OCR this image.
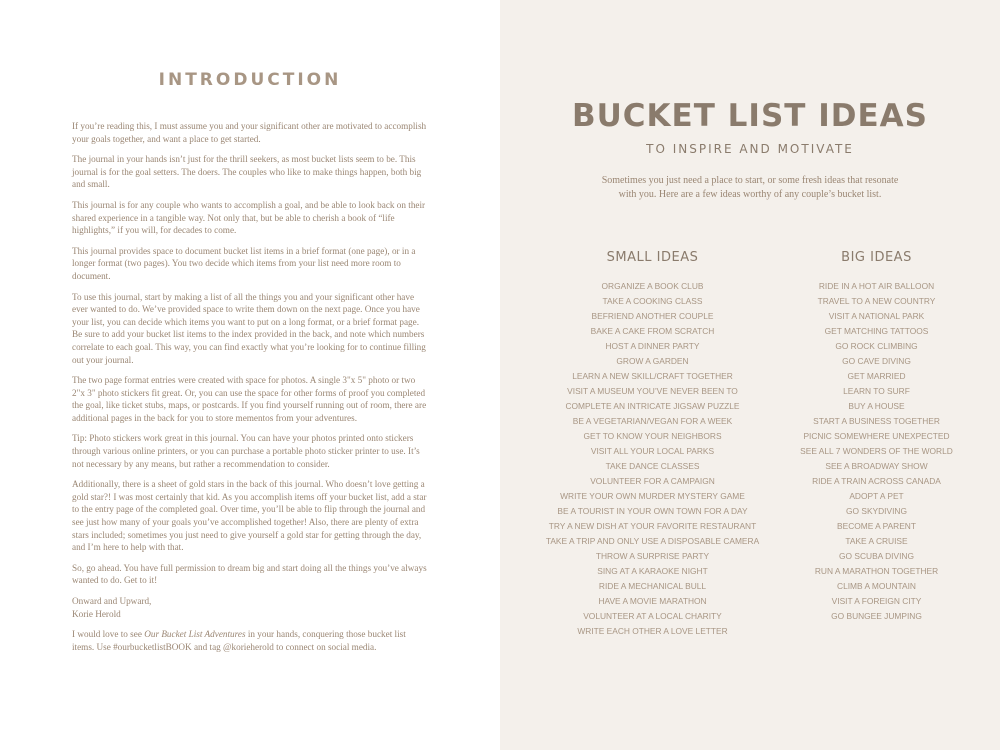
INTRODUCTION

If you’re reading this, I must assume you and your significant other are motivated to accomplish your goals together, and want a place to get started.

The journal in your hands isn’t just for the thrill seekers, as most bucket lists seem to be. This journal is for the goal setters. The doers. The couples who like to make things happen, both big and small.

This journal is for any couple who wants to accomplish a goal, and be able to look back on their shared experience in a tangible way. Not only that, but be able to cherish a book of “life highlights,” if you will, for decades to come.

This journal provides space to document bucket list items in a brief format (one page), or in a longer format (two pages). You two decide which items from your list need more room to document.

To use this journal, start by making a list of all the things you and your significant other have ever wanted to do. We’ve provided space to write them down on the next page. Once you have your list, you can decide which items you want to put on a long format, or a brief format page. Be sure to add your bucket list items to the index provided in the back, and note which numbers correlate to each goal. This way, you can find exactly what you’re looking for to continue filling out your journal.

The two page format entries were created with space for photos. A single 3"x 5" photo or two 2"x 3" photo stickers fit great. Or, you can use the space for other forms of proof you completed the goal, like ticket stubs, maps, or postcards. If you find yourself running out of room, there are additional pages in the back for you to store mementos from your adventures.

Tip: Photo stickers work great in this journal. You can have your photos printed onto stickers through various online printers, or you can purchase a portable photo sticker printer to use. It’s not necessary by any means, but rather a recommendation to consider.

Additionally, there is a sheet of gold stars in the back of this journal. Who doesn’t love getting a gold star?! I was most certainly that kid. As you accomplish items off your bucket list, add a star to the entry page of the completed goal. Over time, you’ll be able to flip through the journal and see just how many of your goals you’ve accomplished together! Also, there are plenty of extra stars included; sometimes you just need to give yourself a gold star for getting through the day, and I’m here to help with that.

So, go ahead. You have full permission to dream big and start doing all the things you’ve always wanted to do. Get to it!

Onward and Upward,

Korie Herold

I would love to see Our Bucket List Adventures in your hands, conquering those bucket list items. Use #ourbucketlistBOOK and tag @korieherold to connect on social media.

BUCKET LIST IDEAS
TO INSPIRE AND MOTIVATE
Sometimes you just need a place to start, or some fresh ideas that resonate with you. Here are a few ideas worthy of any couple’s bucket list.
SMALL IDEAS	BIG IDEAS
ORGANIZE A BOOK CLUB
TAKE A COOKING CLASS
BEFRIEND ANOTHER COUPLE
BAKE A CAKE FROM SCRATCH
HOST A DINNER PARTY
GROW A GARDEN
LEARN A NEW SKILL/CRAFT TOGETHER
VISIT A MUSEUM YOU’VE NEVER BEEN TO
COMPLETE AN INTRICATE JIGSAW PUZZLE
BE A VEGETARIAN/VEGAN FOR A WEEK
GET TO KNOW YOUR NEIGHBORS
VISIT ALL YOUR LOCAL PARKS
TAKE DANCE CLASSES
VOLUNTEER FOR A CAMPAIGN
WRITE YOUR OWN MURDER MYSTERY GAME
BE A TOURIST IN YOUR OWN TOWN FOR A DAY
TRY A NEW DISH AT YOUR FAVORITE RESTAURANT
TAKE A TRIP AND ONLY USE A DISPOSABLE CAMERA
THROW A SURPRISE PARTY
SING AT A KARAOKE NIGHT
RIDE A MECHANICAL BULL
HAVE A MOVIE MARATHON
VOLUNTEER AT A LOCAL CHARITY
WRITE EACH OTHER A LOVE LETTER
RIDE IN A HOT AIR BALLOON
TRAVEL TO A NEW COUNTRY
VISIT A NATIONAL PARK
GET MATCHING TATTOOS
GO ROCK CLIMBING
GO CAVE DIVING
GET MARRIED
LEARN TO SURF
BUY A HOUSE
START A BUSINESS TOGETHER
PICNIC SOMEWHERE UNEXPECTED
SEE ALL 7 WONDERS OF THE WORLD
SEE A BROADWAY SHOW
RIDE A TRAIN ACROSS CANADA
ADOPT A PET
GO SKYDIVING
BECOME A PARENT
TAKE A CRUISE
GO SCUBA DIVING
RUN A MARATHON TOGETHER
CLIMB A MOUNTAIN
VISIT A FOREIGN CITY
GO BUNGEE JUMPING
